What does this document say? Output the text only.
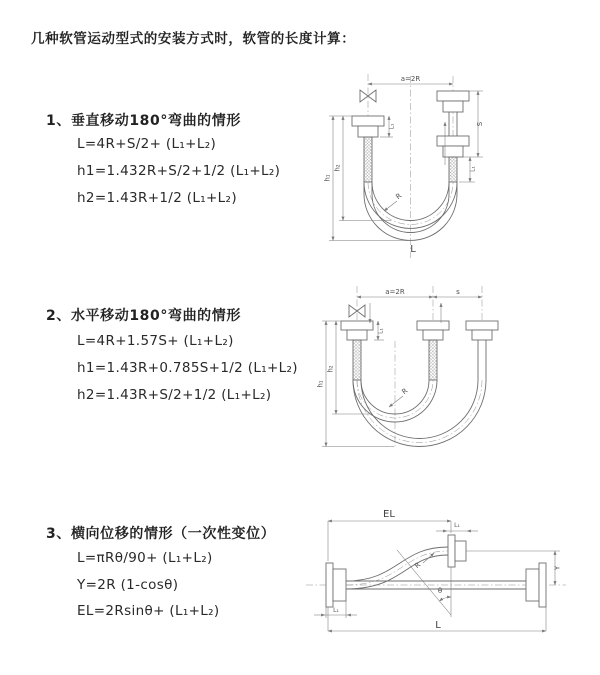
几种软管运动型式的安装方式时，软管的长度计算：
1、垂直移动180°弯曲的情形
L=4R+S/2+ (L₁+L₂)
h1=1.432R+S/2+1/2 (L₁+L₂)
h2=1.43R+1/2 (L₁+L₂)
2、水平移动180°弯曲的情形
L=4R+1.57S+ (L₁+L₂)
h1=1.43R+0.785S+1/2 (L₁+L₂)
h2=1.43R+S/2+1/2 (L₁+L₂)
3、横向位移的情形（一次性变位）
L=πRθ/90+ (L₁+L₂)
Y=2R (1-cosθ)
EL=2Rsinθ+ (L₁+L₂)
a=2R
S
L₁
h₂
h₁
L₁
R
L
a=2R	s
h₂
h₁
L₁
R
θ
EL
L₁
Y
R
L
L₁
